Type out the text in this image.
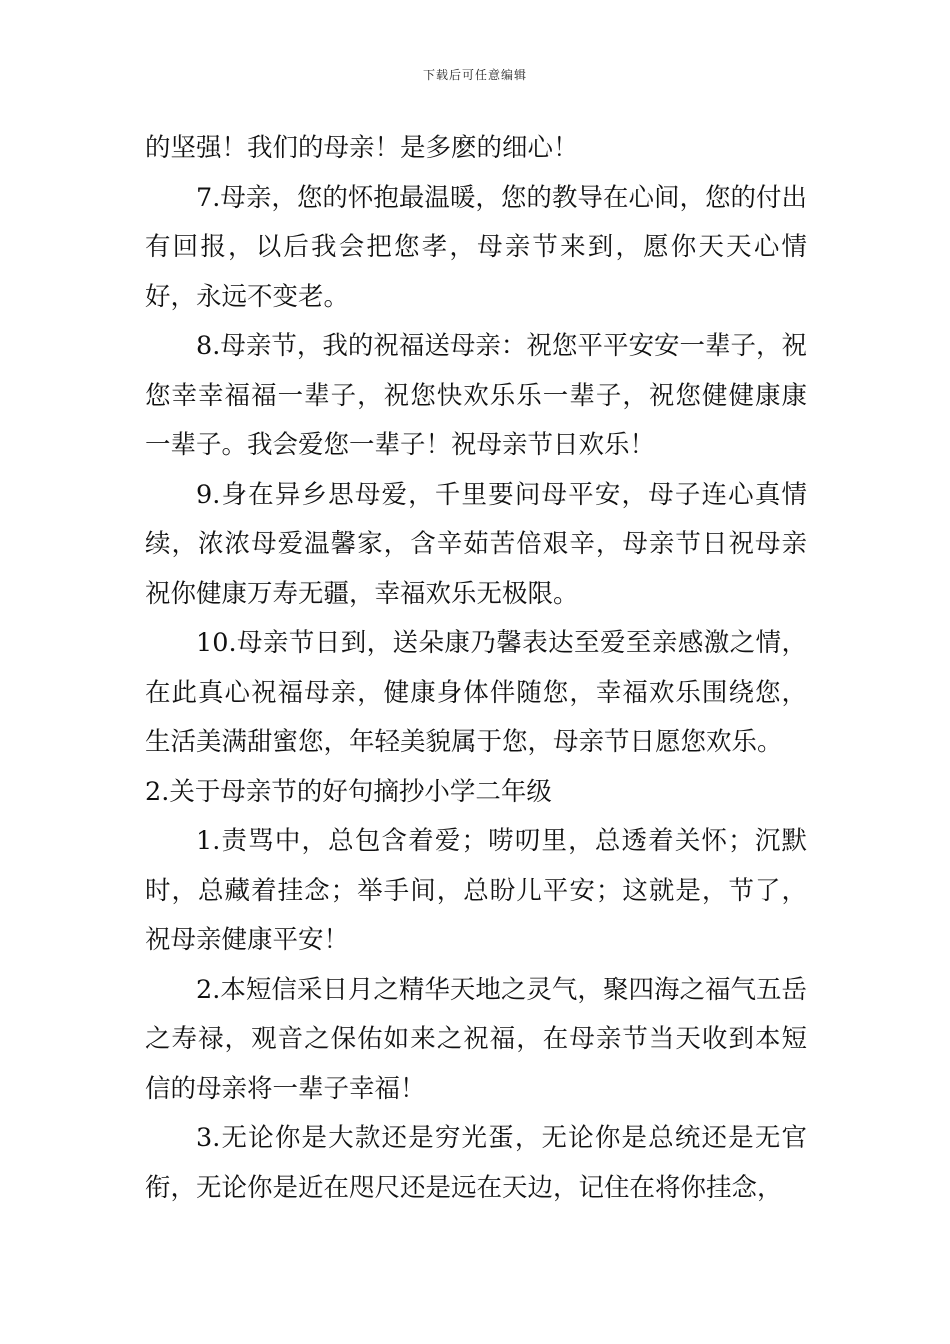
下载后可任意编辑

的坚强！我们的母亲！是多麽的细心！

7.母亲，您的怀抱最温暖，您的教导在心间，您的付出有回报，以后我会把您孝，母亲节来到，愿你天天心情好，永远不变老。

8.母亲节，我的祝福送母亲：祝您平平安安一辈子，祝您幸幸福福一辈子，祝您快欢乐乐一辈子，祝您健健康康一辈子。我会爱您一辈子！祝母亲节日欢乐！

9.身在异乡思母爱，千里要问母平安，母子连心真情续，浓浓母爱温馨家，含辛茹苦倍艰辛，母亲节日祝母亲祝你健康万寿无疆，幸福欢乐无极限。

10.母亲节日到，送朵康乃馨表达至爱至亲感激之情，在此真心祝福母亲，健康身体伴随您，幸福欢乐围绕您，生活美满甜蜜您，年轻美貌属于您，母亲节日愿您欢乐。

2.关于母亲节的好句摘抄小学二年级

1.责骂中，总包含着爱；唠叨里，总透着关怀；沉默时，总藏着挂念；举手间，总盼儿平安；这就是，节了，祝母亲健康平安！

2.本短信采日月之精华天地之灵气，聚四海之福气五岳之寿禄，观音之保佑如来之祝福，在母亲节当天收到本短信的母亲将一辈子幸福！

3.无论你是大款还是穷光蛋，无论你是总统还是无官衔，无论你是近在咫尺还是远在天边，记住在将你挂念，
